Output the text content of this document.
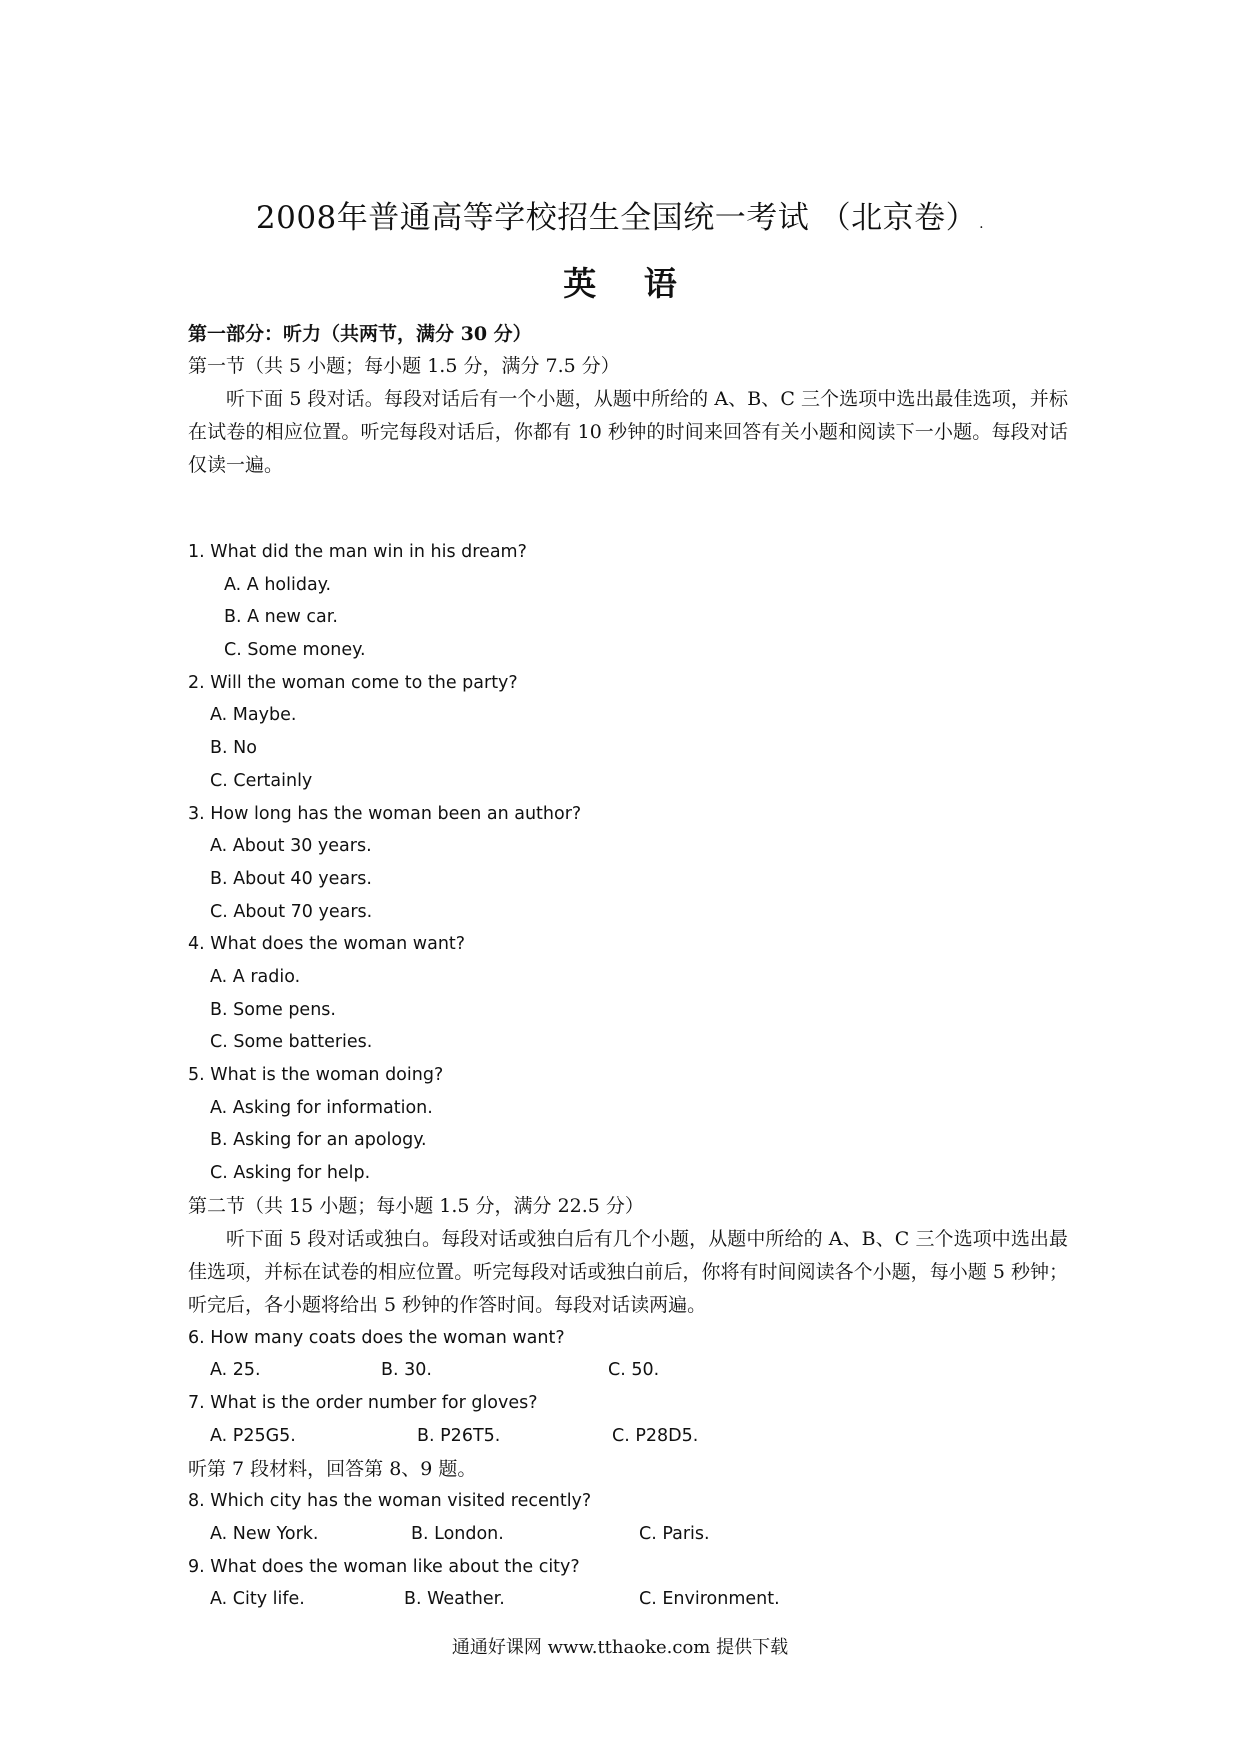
2008年普通高等学校招生全国统一考试 （北京卷） .
英 语
第一部分：听力（共两节，满分 30 分）
第一节（共 5 小题；每小题 1.5 分，满分 7.5 分）
听下面 5 段对话。每段对话后有一个小题，从题中所给的 A、B、C 三个选项中选出最佳选项，并标在试卷的相应位置。听完每段对话后，你都有 10 秒钟的时间来回答有关小题和阅读下一小题。每段对话仅读一遍。
1. What did the man win in his dream?
A. A holiday.
B. A new car.
C. Some money.
2. Will the woman come to the party?
A. Maybe.
B. No
C. Certainly
3. How long has the woman been an author?
A. About 30 years.
B. About 40 years.
C. About 70 years.
4. What does the woman want?
A. A radio.
B. Some pens.
C. Some batteries.
5. What is the woman doing?
A. Asking for information.
B. Asking for an apology.
C. Asking for help.
第二节（共 15 小题；每小题 1.5 分，满分 22.5 分）
听下面 5 段对话或独白。每段对话或独白后有几个小题，从题中所给的 A、B、C 三个选项中选出最佳选项，并标在试卷的相应位置。听完每段对话或独白前后，你将有时间阅读各个小题，每小题 5 秒钟；听完后，各小题将给出 5 秒钟的作答时间。每段对话读两遍。
6. How many coats does the woman want?
A. 25.	B. 30.	C. 50.
7. What is the order number for gloves?
A. P25G5.	B. P26T5.	C. P28D5.
听第 7 段材料，回答第 8、9 题。
8. Which city has the woman visited recently?
A. New York.	B. London.	C. Paris.
9. What does the woman like about the city?
A. City life.	B. Weather.	C. Environment.
通通好课网 www.tthaoke.com 提供下载
